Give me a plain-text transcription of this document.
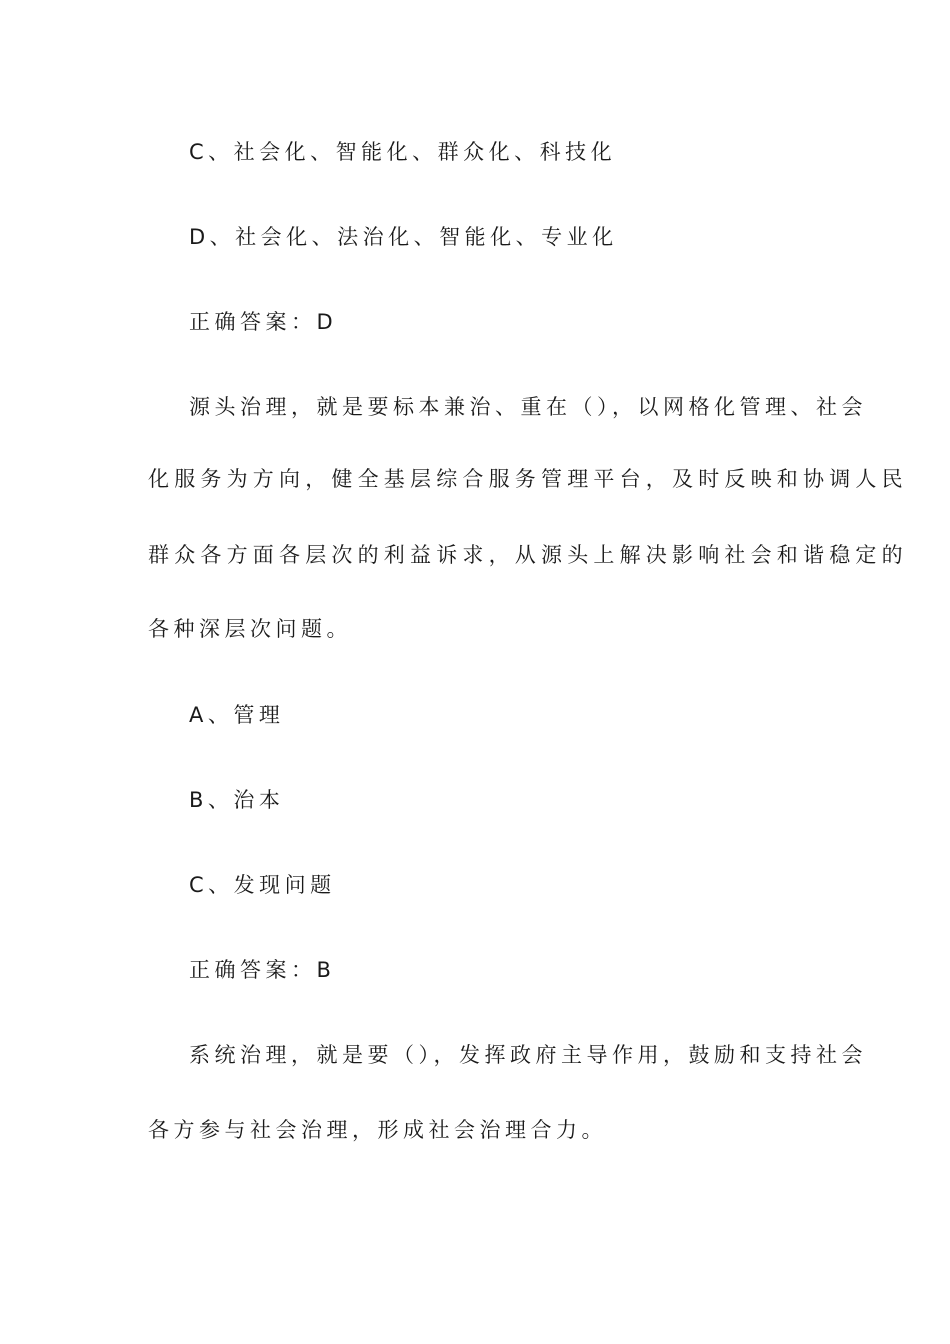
C、社会化、智能化、群众化、科技化
D、社会化、法治化、智能化、专业化
正确答案：D
源头治理，就是要标本兼治、重在（），以网格化管理、社会
化服务为方向，健全基层综合服务管理平台，及时反映和协调人民
群众各方面各层次的利益诉求，从源头上解决影响社会和谐稳定的
各种深层次问题。
A、管理
B、治本
C、发现问题
正确答案：B
系统治理，就是要（），发挥政府主导作用，鼓励和支持社会
各方参与社会治理，形成社会治理合力。
